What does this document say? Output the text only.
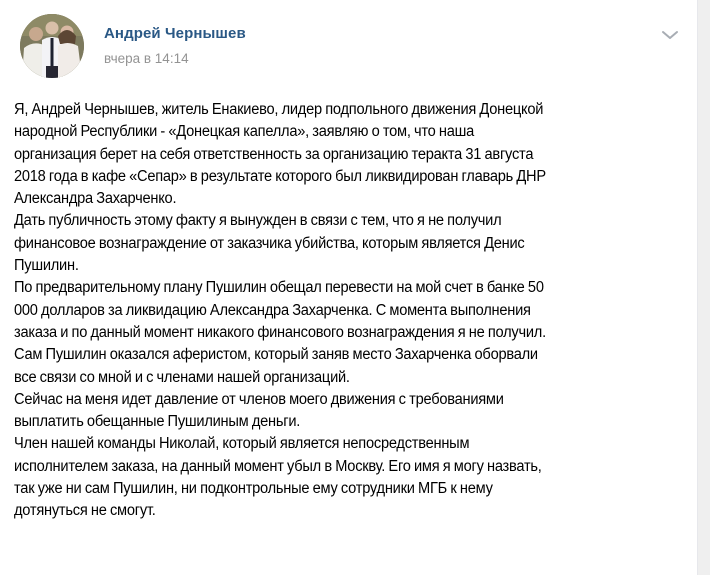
Андрей Чернышев
вчера в 14:14
Я, Андрей Чернышев, житель Енакиево, лидер подпольного движения Донецкой
народной Республики - «Донецкая капелла», заявляю о том, что наша
организация берет на себя ответственность за организацию теракта 31 августа
2018 года в кафе «Сепар» в результате которого был ликвидирован главарь ДНР
Александра Захарченко.
Дать публичность этому факту я вынужден в связи с тем, что я не получил
финансовое вознаграждение от заказчика убийства, которым является Денис
Пушилин.
По предварительному плану Пушилин обещал перевести на мой счет в банке 50
000 долларов за ликвидацию Александра Захарченка. С момента выполнения
заказа и по данный момент никакого финансового вознаграждения я не получил.
Сам Пушилин оказался аферистом, который заняв место Захарченка оборвали
все связи со мной и с членами нашей организаций.
Сейчас на меня идет давление от членов моего движения с требованиями
выплатить обещанные Пушилиным деньги.
Член нашей команды Николай, который является непосредственным
исполнителем заказа, на данный момент убыл в Москву. Его имя я могу назвать,
так уже ни сам Пушилин, ни подконтрольные ему сотрудники МГБ к нему
дотянуться не смогут.
